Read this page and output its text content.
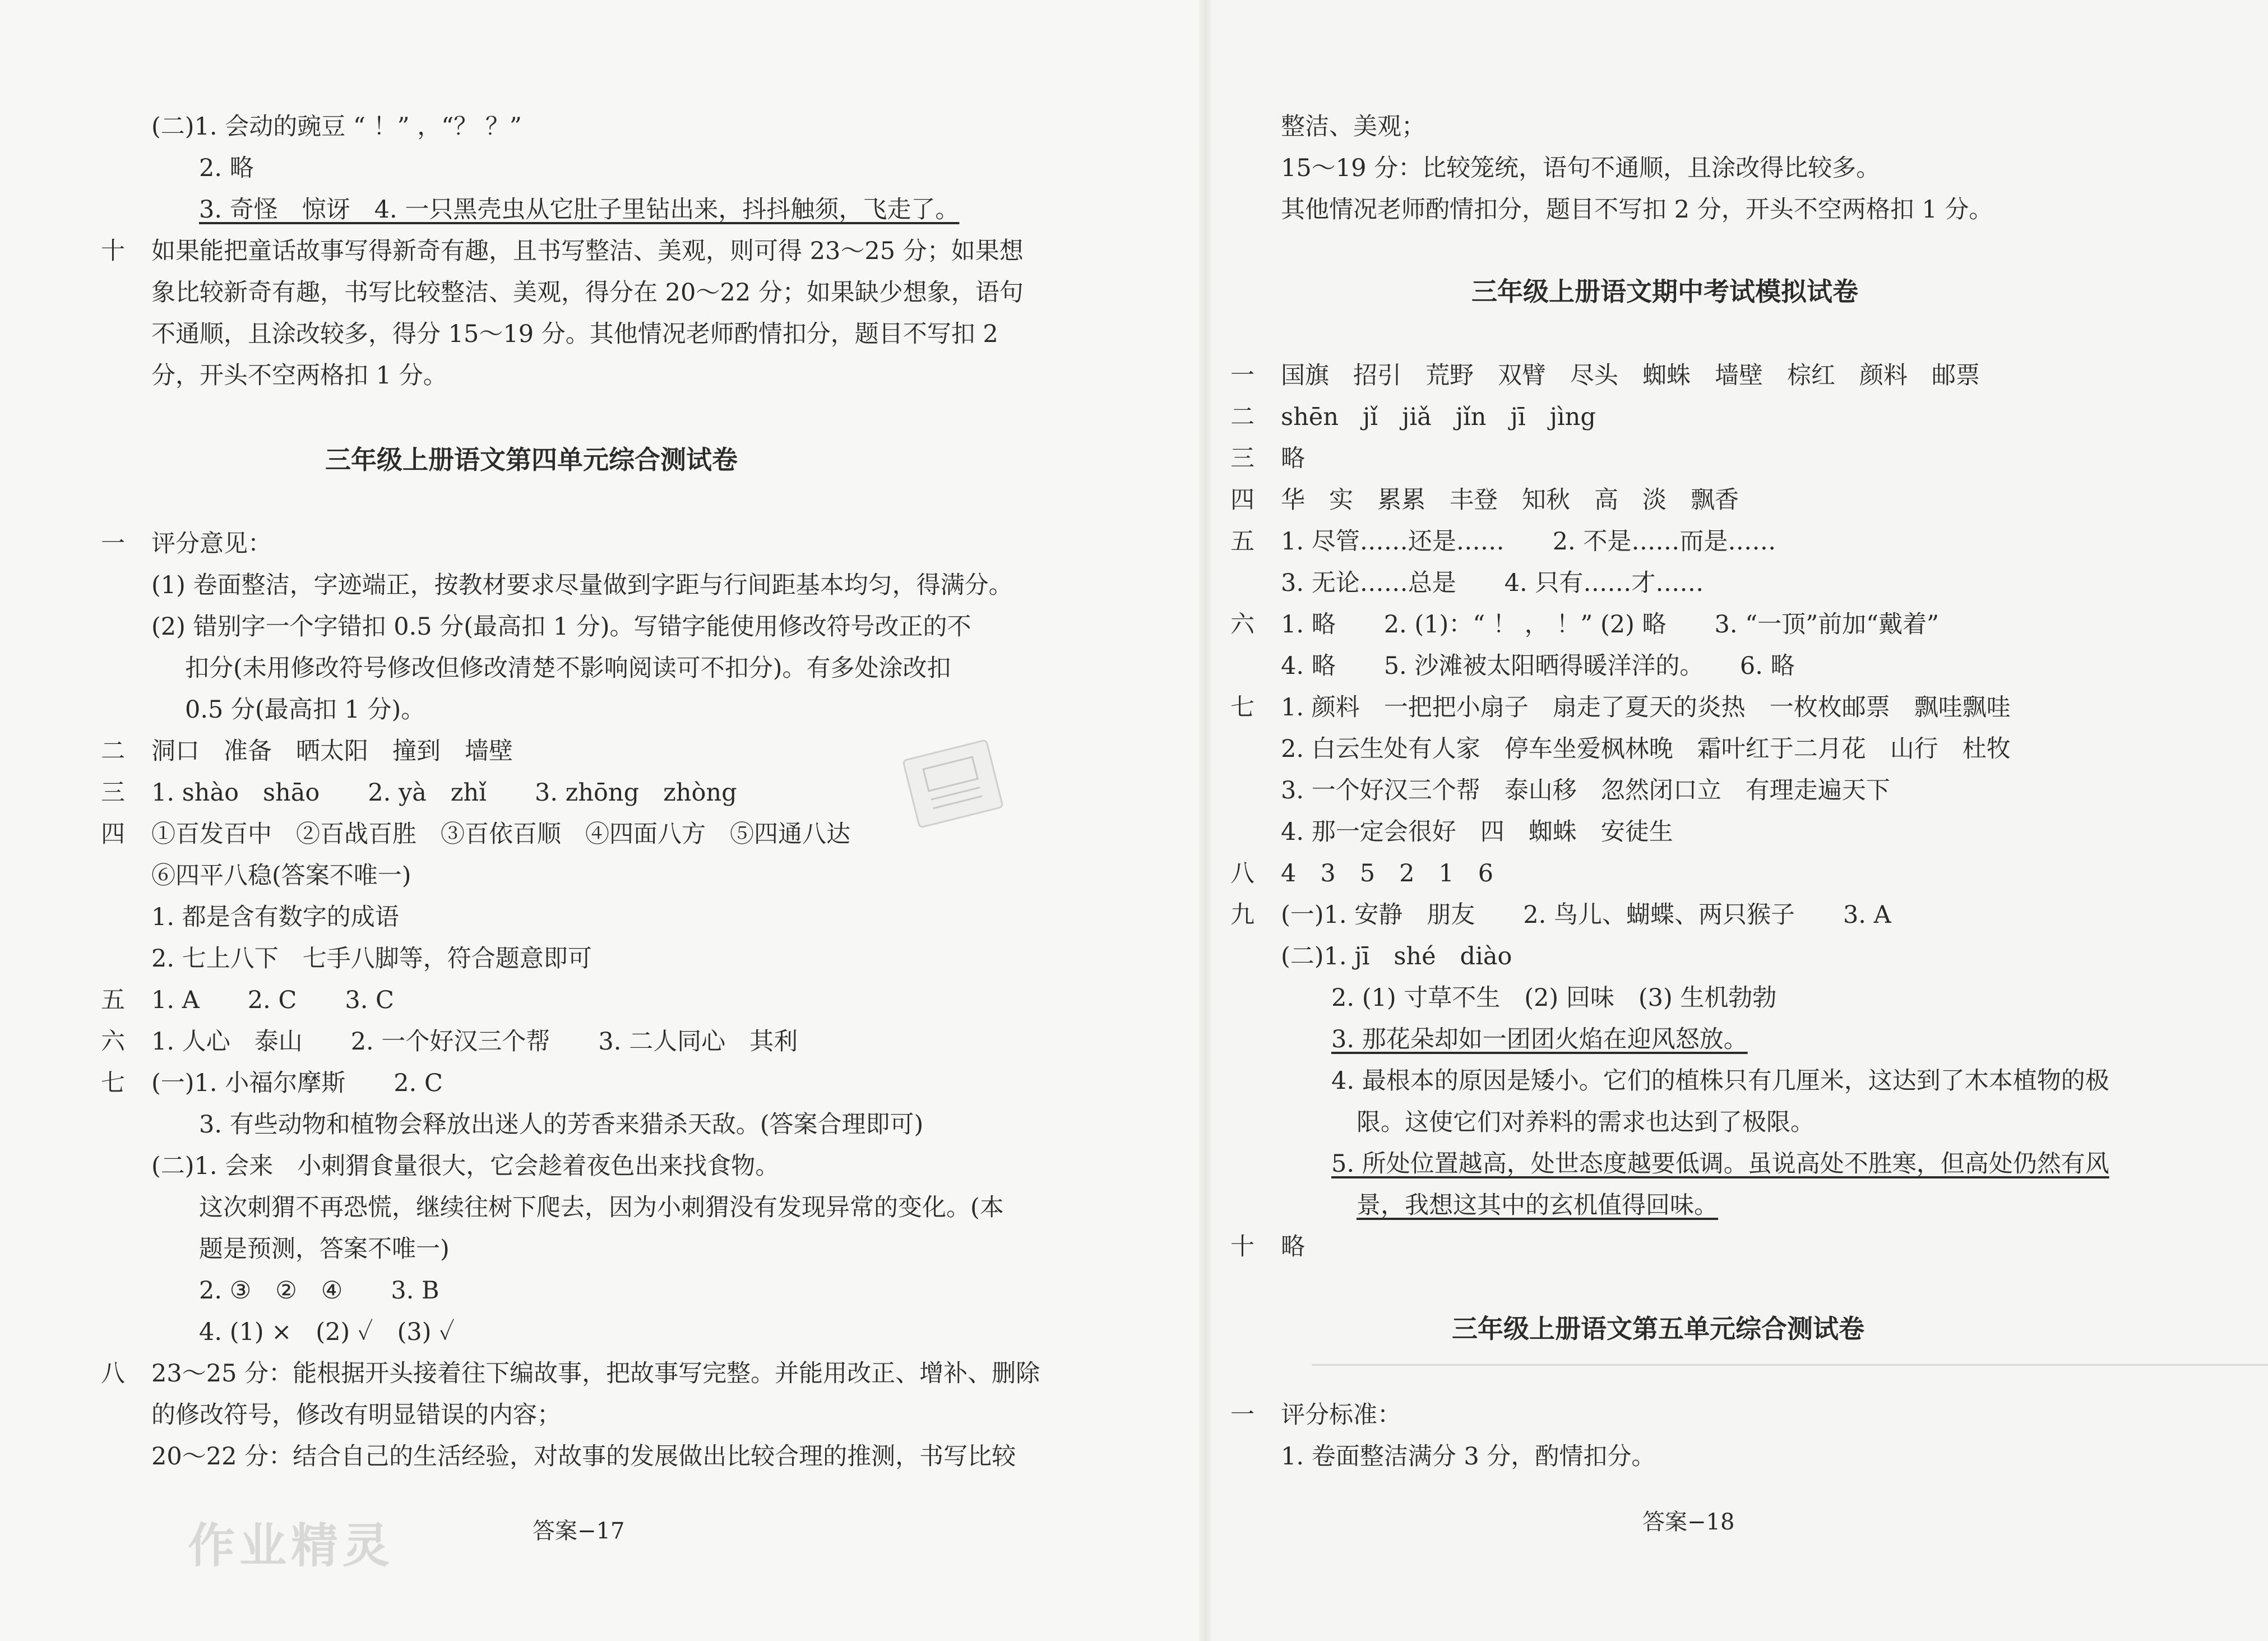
(二)1. 会动的豌豆 “ ！” ，“？ ？”
2. 略
3. 奇怪　惊讶　4. 一只黑壳虫从它肚子里钻出来，抖抖触须，飞走了。
十 如果能把童话故事写得新奇有趣，且书写整洁、美观，则可得 23～25 分；如果想
象比较新奇有趣，书写比较整洁、美观，得分在 20～22 分；如果缺少想象，语句
不通顺，且涂改较多，得分 15～19 分。其他情况老师酌情扣分，题目不写扣 2
分，开头不空两格扣 1 分。
三年级上册语文第四单元综合测试卷
一 评分意见：
(1) 卷面整洁，字迹端正，按教材要求尽量做到字距与行间距基本均匀，得满分。
(2) 错别字一个字错扣 0.5 分(最高扣 1 分)。写错字能使用修改符号改正的不
扣分(未用修改符号修改但修改清楚不影响阅读可不扣分)。有多处涂改扣
0.5 分(最高扣 1 分)。
二 洞口　准备　晒太阳　撞到　墙壁
三 1. shào　shāo　　2. yà　zhǐ　　3. zhōng　zhòng
四 ①百发百中　②百战百胜　③百依百顺　④四面八方　⑤四通八达
⑥四平八稳(答案不唯一)
1. 都是含有数字的成语
2. 七上八下　七手八脚等，符合题意即可
五 1. A　　2. C　　3. C
六 1. 人心　泰山　　2. 一个好汉三个帮　　3. 二人同心　其利
七 (一)1. 小福尔摩斯　　2. C
3. 有些动物和植物会释放出迷人的芳香来猎杀天敌。(答案合理即可)
(二)1. 会来　小刺猬食量很大，它会趁着夜色出来找食物。
这次刺猬不再恐慌，继续往树下爬去，因为小刺猬没有发现异常的变化。(本
题是预测，答案不唯一)
2. ③　②　④　　3. B
4. (1) ×　(2) ✓　(3) ✓
八 23～25 分：能根据开头接着往下编故事，把故事写完整。并能用改正、增补、删除
的修改符号，修改有明显错误的内容；
20～22 分：结合自己的生活经验，对故事的发展做出比较合理的推测，书写比较
答案−17
作业精灵
整洁、美观；
15～19 分：比较笼统，语句不通顺，且涂改得比较多。
其他情况老师酌情扣分，题目不写扣 2 分，开头不空两格扣 1 分。
三年级上册语文期中考试模拟试卷
一 国旗　招引　荒野　双臂　尽头　蜘蛛　墙壁　棕红　颜料　邮票
二 shēn　jǐ　jiǎ　jǐn　jī　jìng
三 略
四 华　实　累累　丰登　知秋　高　淡　飘香
五 1. 尽管……还是……　　2. 不是……而是……
3. 无论……总是　　4. 只有……才……
六 1. 略　　2. (1)：“ ！ ， ！” (2) 略　　3. “一顶”前加“戴着”
4. 略　　5. 沙滩被太阳晒得暖洋洋的。　　6. 略
七 1. 颜料　一把把小扇子　扇走了夏天的炎热　一枚枚邮票　飘哇飘哇
2. 白云生处有人家　停车坐爱枫林晚　霜叶红于二月花　山行　杜牧
3. 一个好汉三个帮　泰山移　忽然闭口立　有理走遍天下
4. 那一定会很好　四　蜘蛛　安徒生
八 4　3　5　2　1　6
九 (一)1. 安静　朋友　　2. 鸟儿、蝴蝶、两只猴子　　3. A
(二)1. jī　shé　diào
2. (1) 寸草不生　(2) 回味　(3) 生机勃勃
3. 那花朵却如一团团火焰在迎风怒放。
4. 最根本的原因是矮小。它们的植株只有几厘米，这达到了木本植物的极
限。这使它们对养料的需求也达到了极限。
5. 所处位置越高，处世态度越要低调。虽说高处不胜寒，但高处仍然有风
景，我想这其中的玄机值得回味。
十 略
三年级上册语文第五单元综合测试卷
一 评分标准：
1. 卷面整洁满分 3 分，酌情扣分。
答案−18
